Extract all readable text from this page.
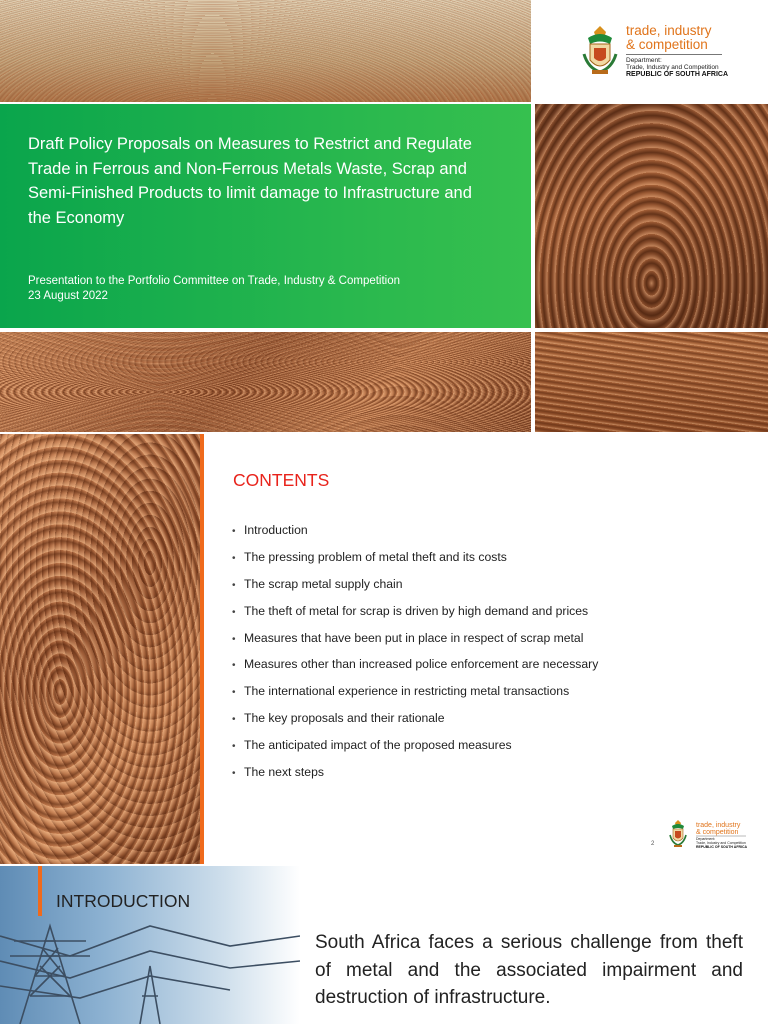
trade, industry
& competition
Department:
Trade, Industry and Competition
REPUBLIC OF SOUTH AFRICA
Draft Policy Proposals on Measures to Restrict and Regulate Trade in Ferrous and Non-Ferrous Metals Waste, Scrap and Semi-Finished Products to limit damage to Infrastructure and the Economy
Presentation to the Portfolio Committee on Trade, Industry & Competition
23 August 2022
CONTENTS
• Introduction
• The pressing problem of metal theft and its costs
• The scrap metal supply chain
• The theft of metal for scrap is driven by high demand and prices
• Measures that have been put in place in respect of scrap metal
• Measures other than increased police enforcement are necessary
• The international experience in restricting metal transactions
• The key proposals and their rationale
• The anticipated impact of the proposed measures
• The next steps
2
trade, industry
& competition
Department:
Trade, Industry and Competition
REPUBLIC OF SOUTH AFRICA
INTRODUCTION
South Africa faces a serious challenge from theft of metal and the associated impairment and destruction of infrastructure.
